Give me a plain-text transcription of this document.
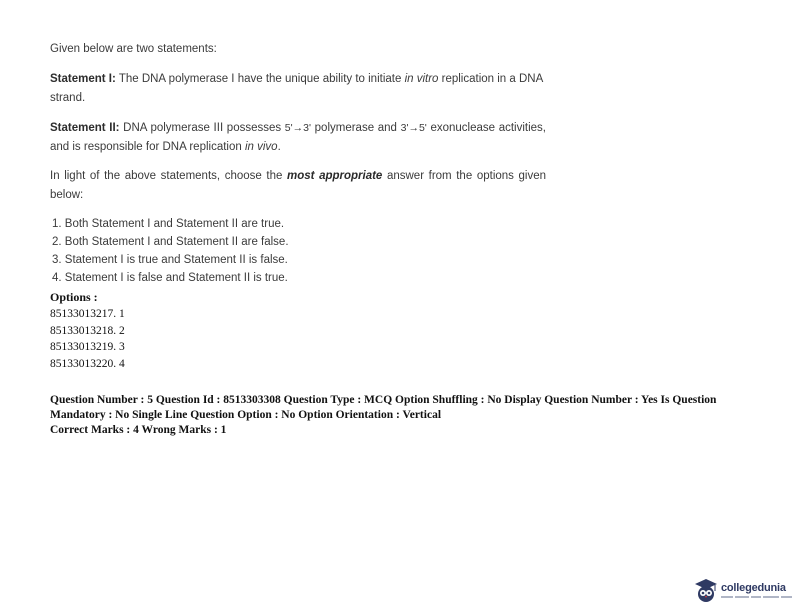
Given below are two statements:
Statement I: The DNA polymerase I have the unique ability to initiate in vitro replication in a DNA strand.
Statement II: DNA polymerase III possesses 5'→3' polymerase and 3'→5' exonuclease activities, and is responsible for DNA replication in vivo.
In light of the above statements, choose the most appropriate answer from the options given below:
1. Both Statement I and Statement II are true.
2. Both Statement I and Statement II are false.
3. Statement I is true and Statement II is false.
4. Statement I is false and Statement II is true.
Options :
85133013217. 1
85133013218. 2
85133013219. 3
85133013220. 4
Question Number : 5 Question Id : 8513303308 Question Type : MCQ Option Shuffling : No Display Question Number : Yes Is Question Mandatory : No Single Line Question Option : No Option Orientation : Vertical
Correct Marks : 4 Wrong Marks : 1
collegedunia
